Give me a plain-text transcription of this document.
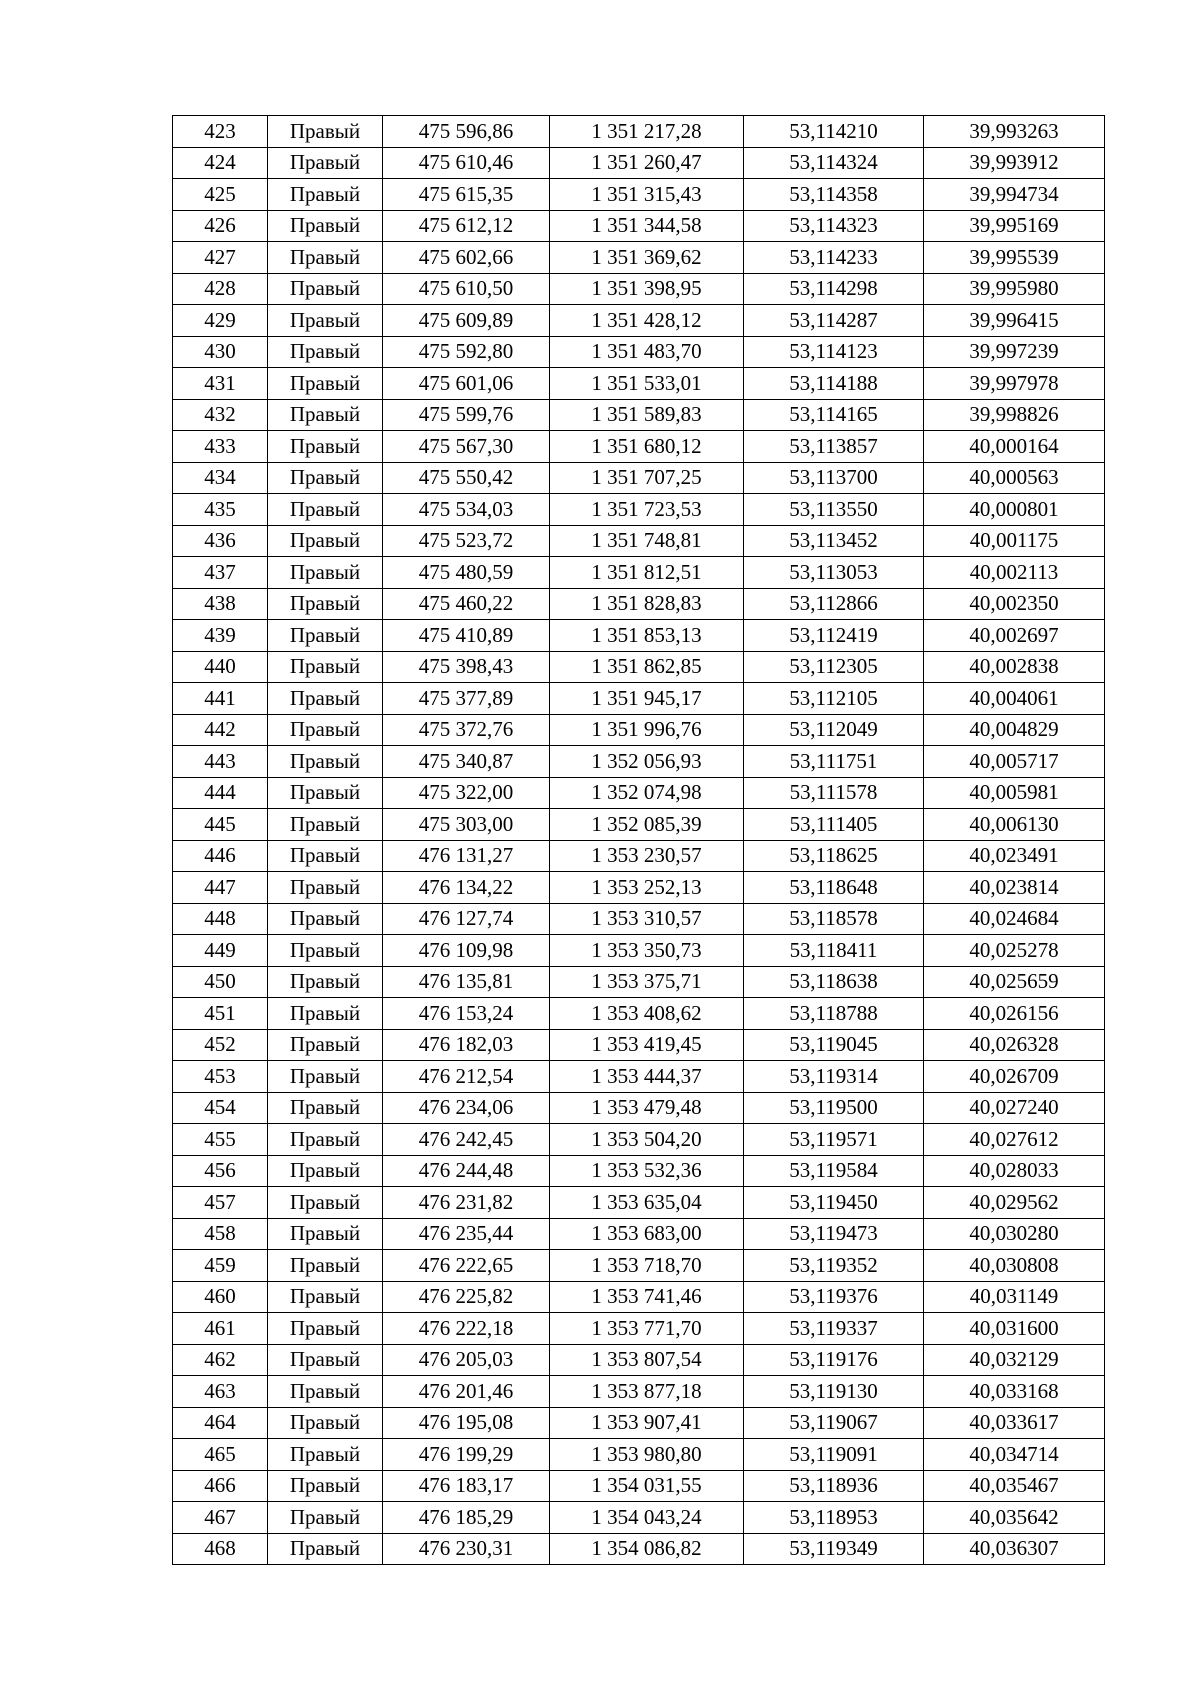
423	Правый	475 596,86	1 351 217,28	53,114210	39,993263
424	Правый	475 610,46	1 351 260,47	53,114324	39,993912
425	Правый	475 615,35	1 351 315,43	53,114358	39,994734
426	Правый	475 612,12	1 351 344,58	53,114323	39,995169
427	Правый	475 602,66	1 351 369,62	53,114233	39,995539
428	Правый	475 610,50	1 351 398,95	53,114298	39,995980
429	Правый	475 609,89	1 351 428,12	53,114287	39,996415
430	Правый	475 592,80	1 351 483,70	53,114123	39,997239
431	Правый	475 601,06	1 351 533,01	53,114188	39,997978
432	Правый	475 599,76	1 351 589,83	53,114165	39,998826
433	Правый	475 567,30	1 351 680,12	53,113857	40,000164
434	Правый	475 550,42	1 351 707,25	53,113700	40,000563
435	Правый	475 534,03	1 351 723,53	53,113550	40,000801
436	Правый	475 523,72	1 351 748,81	53,113452	40,001175
437	Правый	475 480,59	1 351 812,51	53,113053	40,002113
438	Правый	475 460,22	1 351 828,83	53,112866	40,002350
439	Правый	475 410,89	1 351 853,13	53,112419	40,002697
440	Правый	475 398,43	1 351 862,85	53,112305	40,002838
441	Правый	475 377,89	1 351 945,17	53,112105	40,004061
442	Правый	475 372,76	1 351 996,76	53,112049	40,004829
443	Правый	475 340,87	1 352 056,93	53,111751	40,005717
444	Правый	475 322,00	1 352 074,98	53,111578	40,005981
445	Правый	475 303,00	1 352 085,39	53,111405	40,006130
446	Правый	476 131,27	1 353 230,57	53,118625	40,023491
447	Правый	476 134,22	1 353 252,13	53,118648	40,023814
448	Правый	476 127,74	1 353 310,57	53,118578	40,024684
449	Правый	476 109,98	1 353 350,73	53,118411	40,025278
450	Правый	476 135,81	1 353 375,71	53,118638	40,025659
451	Правый	476 153,24	1 353 408,62	53,118788	40,026156
452	Правый	476 182,03	1 353 419,45	53,119045	40,026328
453	Правый	476 212,54	1 353 444,37	53,119314	40,026709
454	Правый	476 234,06	1 353 479,48	53,119500	40,027240
455	Правый	476 242,45	1 353 504,20	53,119571	40,027612
456	Правый	476 244,48	1 353 532,36	53,119584	40,028033
457	Правый	476 231,82	1 353 635,04	53,119450	40,029562
458	Правый	476 235,44	1 353 683,00	53,119473	40,030280
459	Правый	476 222,65	1 353 718,70	53,119352	40,030808
460	Правый	476 225,82	1 353 741,46	53,119376	40,031149
461	Правый	476 222,18	1 353 771,70	53,119337	40,031600
462	Правый	476 205,03	1 353 807,54	53,119176	40,032129
463	Правый	476 201,46	1 353 877,18	53,119130	40,033168
464	Правый	476 195,08	1 353 907,41	53,119067	40,033617
465	Правый	476 199,29	1 353 980,80	53,119091	40,034714
466	Правый	476 183,17	1 354 031,55	53,118936	40,035467
467	Правый	476 185,29	1 354 043,24	53,118953	40,035642
468	Правый	476 230,31	1 354 086,82	53,119349	40,036307
